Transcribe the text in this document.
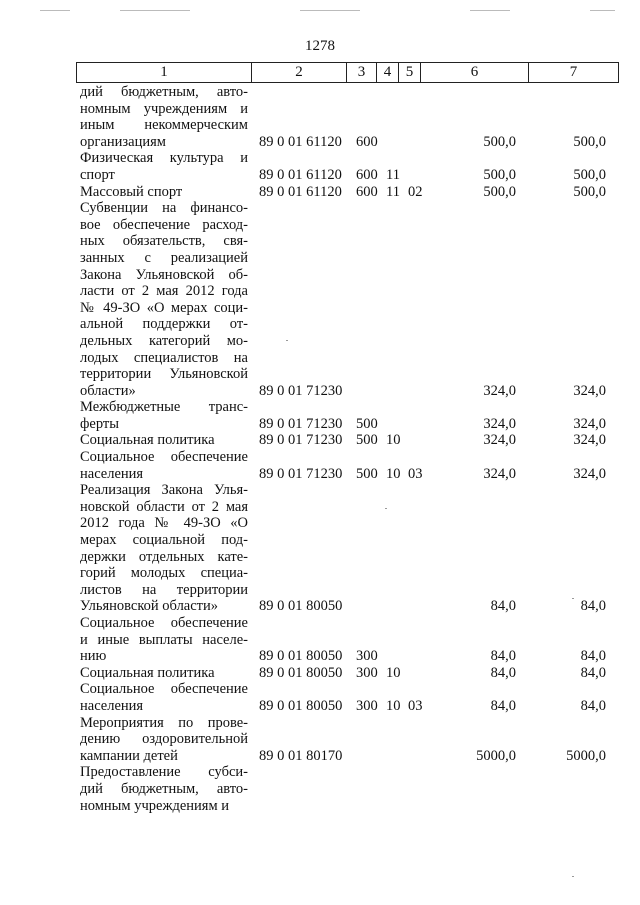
1278
1	2	3	4	5	6	7
дий бюджетным, авто-
номным учреждениям и
иным некоммерческим
организациям	89 0 01 61120 600	500,0	500,0
Физическая культура и
спорт	89 0 01 61120 600 11	500,0	500,0
Массовый спорт	89 0 01 61120 600 11 02	500,0	500,0
Субвенции на финансо-
вое обеспечение расход-
ных обязательств, свя-
занных с реализацией
Закона Ульяновской об-
ласти от 2 мая 2012 года
№ 49-ЗО «О мерах соци-
альной поддержки от-
дельных категорий мо-
лодых специалистов на
территории Ульяновской
области»	89 0 01 71230	324,0	324,0
Межбюджетные транс-
ферты	89 0 01 71230 500	324,0	324,0
Социальная политика	89 0 01 71230 500 10	324,0	324,0
Социальное обеспечение
населения	89 0 01 71230 500 10 03	324,0	324,0
Реализация Закона Улья-
новской области от 2 мая
2012 года № 49-ЗО «О
мерах социальной под-
держки отдельных катe-
горий молодых специа-
листов на территории
Ульяновской области»	89 0 01 80050	84,0	84,0
Социальное обеспечение
и иные выплаты населе-
нию	89 0 01 80050 300	84,0	84,0
Социальная политика	89 0 01 80050 300 10	84,0	84,0
Социальное обеспечение
населения	89 0 01 80050 300 10 03	84,0	84,0
Мероприятия по прове-
дению оздоровительной
кампании детей	89 0 01 80170	5000,0	5000,0
Предоставление субси-
дий бюджетным, авто-
номным учреждениям и
